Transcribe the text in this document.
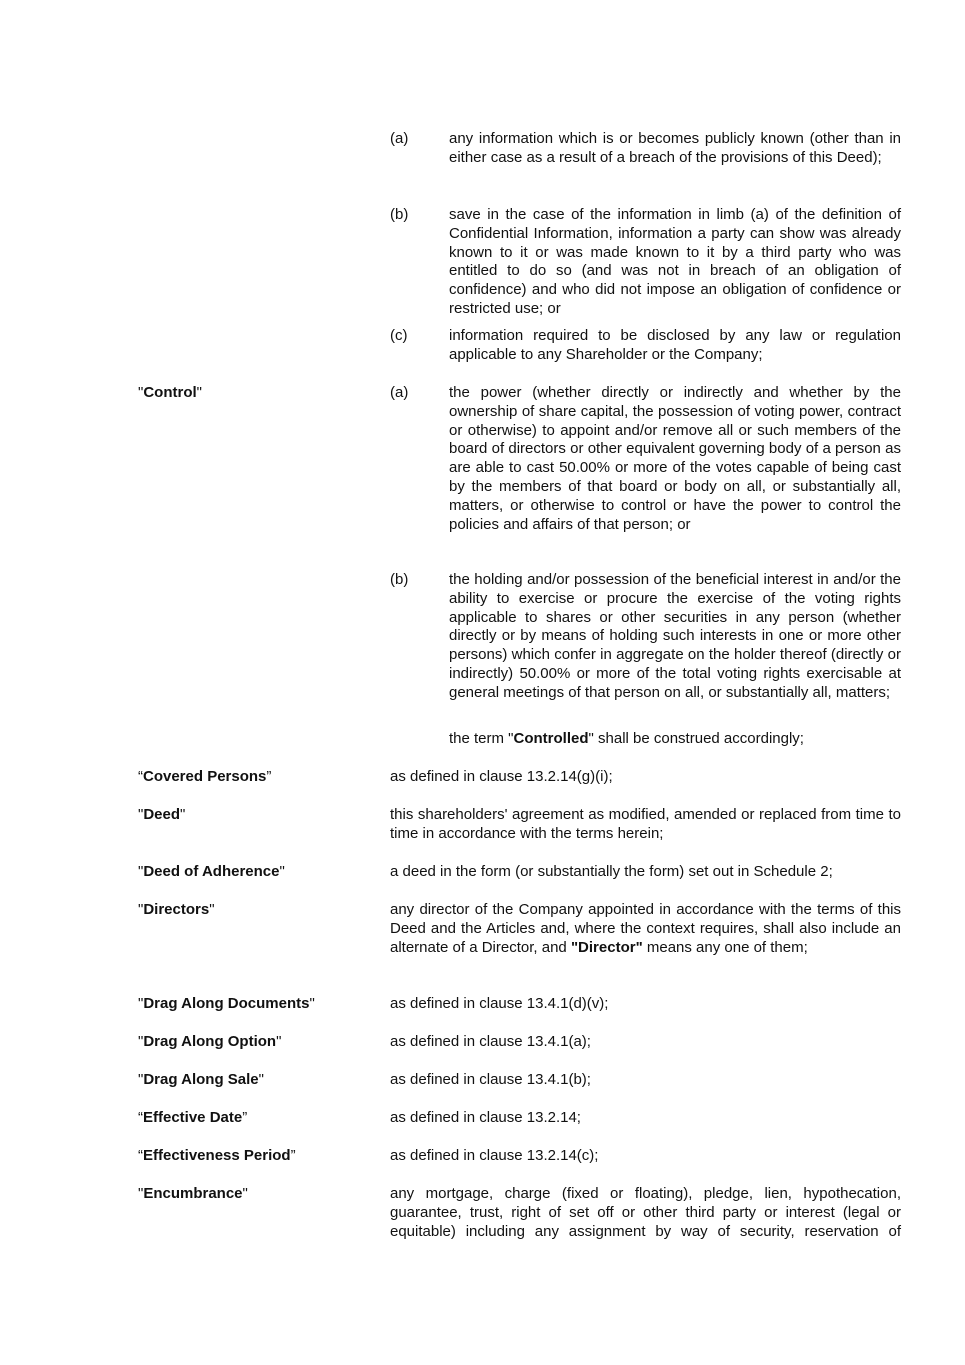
(a)	any information which is or becomes publicly known (other than in either case as a result of a breach of the provisions of this Deed);
(b)	save in the case of the information in limb (a) of the definition of Confidential Information, information a party can show was already known to it or was made known to it by a third party who was entitled to do so (and was not in breach of an obligation of confidence) and who did not impose an obligation of confidence or restricted use; or
(c)	information required to be disclosed by any law or regulation applicable to any Shareholder or the Company;
"Control"	(a)	the power (whether directly or indirectly and whether by the ownership of share capital, the possession of voting power, contract or otherwise) to appoint and/or remove all or such members of the board of directors or other equivalent governing body of a person as are able to cast 50.00% or more of the votes capable of being cast by the members of that board or body on all, or substantially all, matters, or otherwise to control or have the power to control the policies and affairs of that person; or
(b)	the holding and/or possession of the beneficial interest in and/or the ability to exercise or procure the exercise of the voting rights applicable to shares or other securities in any person (whether directly or by means of holding such interests in one or more other persons) which confer in aggregate on the holder thereof (directly or indirectly) 50.00% or more of the total voting rights exercisable at general meetings of that person on all, or substantially all, matters;
the term "Controlled" shall be construed accordingly;
“Covered Persons”	as defined in clause 13.2.14(g)(i);
"Deed"	this shareholders' agreement as modified, amended or replaced from time to time in accordance with the terms herein;
"Deed of Adherence"	a deed in the form (or substantially the form) set out in Schedule 2;
"Directors"	any director of the Company appointed in accordance with the terms of this Deed and the Articles and, where the context requires, shall also include an alternate of a Director, and "Director" means any one of them;
"Drag Along Documents"	as defined in clause 13.4.1(d)(v);
"Drag Along Option"	as defined in clause 13.4.1(a);
"Drag Along Sale"	as defined in clause 13.4.1(b);
“Effective Date”	as defined in clause 13.2.14;
“Effectiveness Period”	as defined in clause 13.2.14(c);
"Encumbrance"	any mortgage, charge (fixed or floating), pledge, lien, hypothecation, guarantee, trust, right of set off or other third party or interest (legal or equitable) including any assignment by way of security, reservation of
